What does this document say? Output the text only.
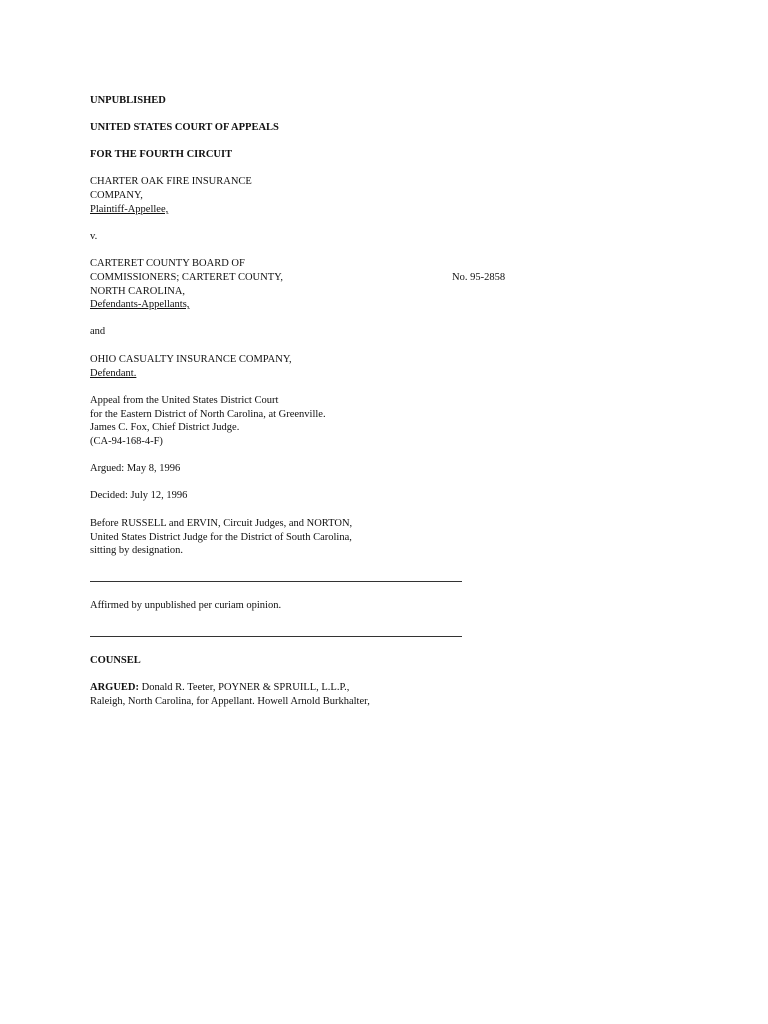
UNPUBLISHED
UNITED STATES COURT OF APPEALS
FOR THE FOURTH CIRCUIT
CHARTER OAK FIRE INSURANCE
COMPANY,
Plaintiff-Appellee,
v.
CARTERET COUNTY BOARD OF
COMMISSIONERS; CARTERET COUNTY,	No. 95-2858
NORTH CAROLINA,
Defendants-Appellants,
and
OHIO CASUALTY INSURANCE COMPANY,
Defendant.
Appeal from the United States District Court
for the Eastern District of North Carolina, at Greenville.
James C. Fox, Chief District Judge.
(CA-94-168-4-F)
Argued: May 8, 1996
Decided: July 12, 1996
Before RUSSELL and ERVIN, Circuit Judges, and NORTON,
United States District Judge for the District of South Carolina,
sitting by designation.
Affirmed by unpublished per curiam opinion.
COUNSEL
ARGUED: Donald R. Teeter, POYNER & SPRUILL, L.L.P.,
Raleigh, North Carolina, for Appellant. Howell Arnold Burkhalter,
